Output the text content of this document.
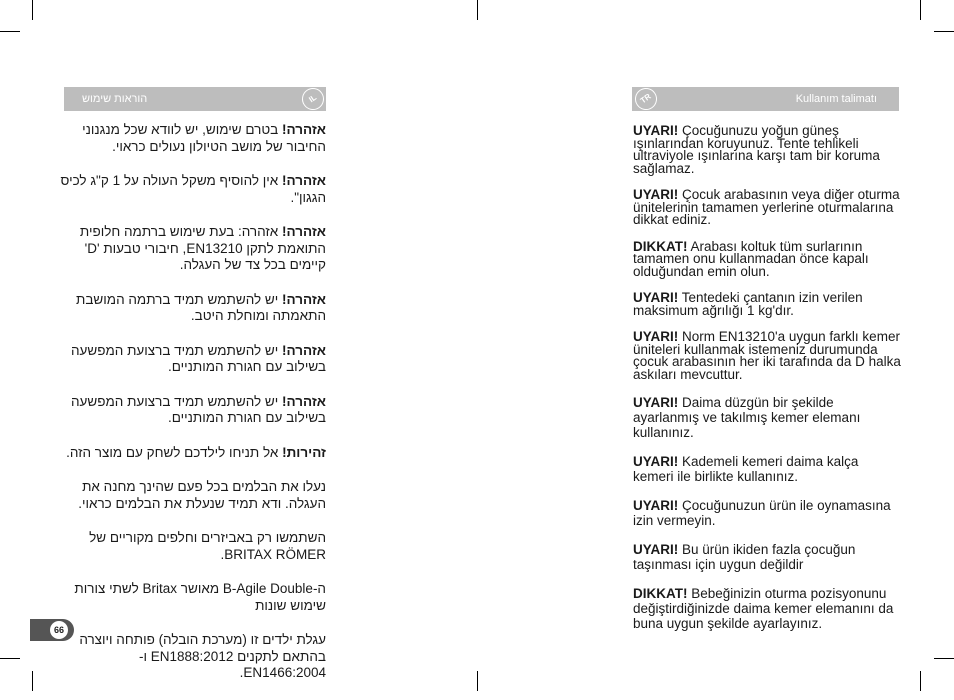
הוראות שימוש	IL	TR	Kullanım talimatı

אזהרה! בטרם שימוש, יש לוודא שכל מנגנוני החיבור של מושב הטיולון נעולים כראוי.

אזהרה! אין להוסיף משקל העולה על 1 ק"ג לכיס הגגון".

אזהרה! אזהרה: בעת שימוש ברתמה חלופית התואמת לתקן EN13210, חיבורי טבעות 'D' קיימים בכל צד של העגלה.

אזהרה! יש להשתמש תמיד ברתמה המושבת התאמתה ומוחלת היטב.

אזהרה! יש להשתמש תמיד ברצועת המפשעה בשילוב עם חגורת המותניים.

אזהרה! יש להשתמש תמיד ברצועת המפשעה בשילוב עם חגורת המותניים.

זהירות! אל תניחו לילדכם לשחק עם מוצר הזה.

נעלו את הבלמים בכל פעם שהינך מחנה את העגלה. ודא תמיד שנעלת את הבלמים כראוי.

השתמשו רק באביזרים וחלפים מקוריים של BRITAX RÖMER.

ה-B-Agile Double מאושר Britax לשתי צורות שימוש שונות

עגלת ילדים זו (מערכת הובלה) פותחה ויוצרה בהתאם לתקנים EN1888:2012 ו-EN1466:2004.

UYARI! Çocuğunuzu yoğun güneş ışınlarından koruyunuz. Tente tehlikeli ultraviyole ışınlarına karşı tam bir koruma sağlamaz.

UYARI! Çocuk arabasının veya diğer oturma ünitelerinin tamamen yerlerine oturmalarına dikkat ediniz.

DIKKAT! Arabası koltuk tüm surlarının tamamen onu kullanmadan önce kapalı olduğundan emin olun.

UYARI! Tentedeki çantanın izin verilen maksimum ağrılığı 1 kg'dır.

UYARI! Norm EN13210'a uygun farklı kemer üniteleri kullanmak istemeniz durumunda çocuk arabasının her iki tarafında da D halka askıları mevcuttur.

UYARI! Daima düzgün bir şekilde ayarlanmış ve takılmış kemer elemanı kullanınız.

UYARI! Kademeli kemeri daima kalça kemeri ile birlikte kullanınız.

UYARI! Çocuğunuzun ürün ile oynamasına izin vermeyin.

UYARI! Bu ürün ikiden fazla çocuğun taşınması için uygun değildir

DIKKAT! Bebeğinizin oturma pozisyonunu değiştirdiğinizde daima kemer elemanını da buna uygun şekilde ayarlayınız.

66
